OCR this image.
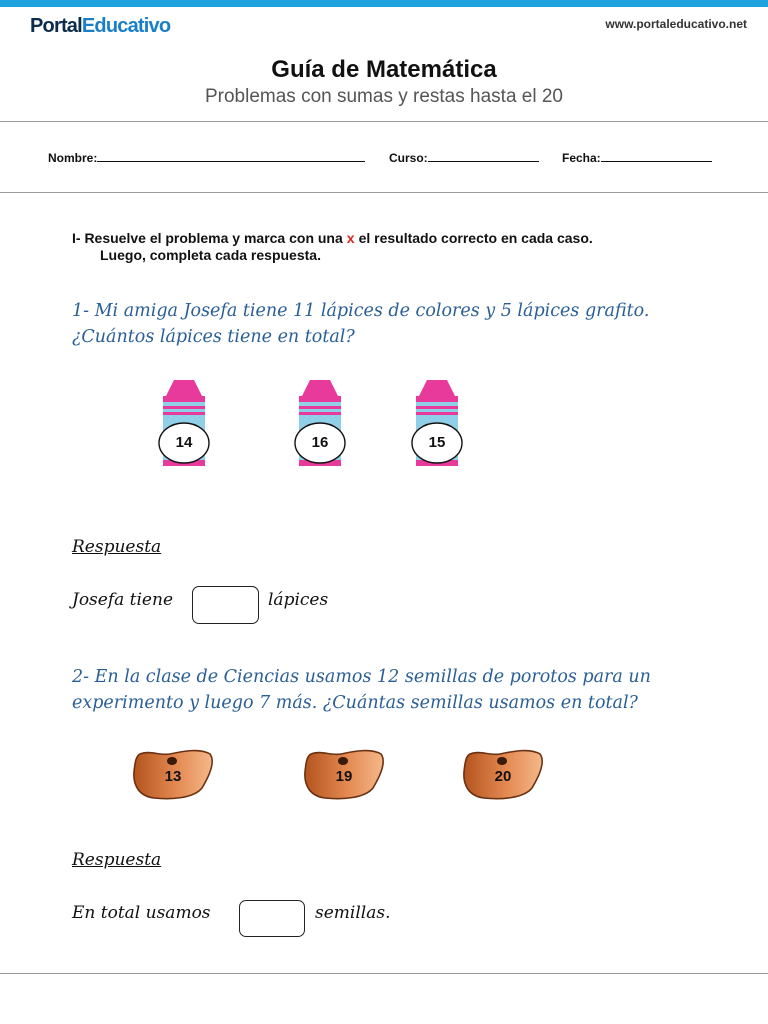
PortalEducativo	www.portaleducativo.net
Guía de Matemática
Problemas con sumas y restas hasta el 20
Nombre:	Curso:	Fecha:
I- Resuelve el problema y marca con una x el resultado correcto en cada caso.
Luego, completa cada respuesta.
1- Mi amiga Josefa tiene 11 lápices de colores y 5 lápices grafito.
¿Cuántos lápices tiene en total?
14	16	15
Respuesta
Josefa tiene	lápices
2- En la clase de Ciencias usamos 12 semillas de porotos para un
experimento y luego 7 más. ¿Cuántas semillas usamos en total?
13	19	20
Respuesta
En total usamos	semillas.
